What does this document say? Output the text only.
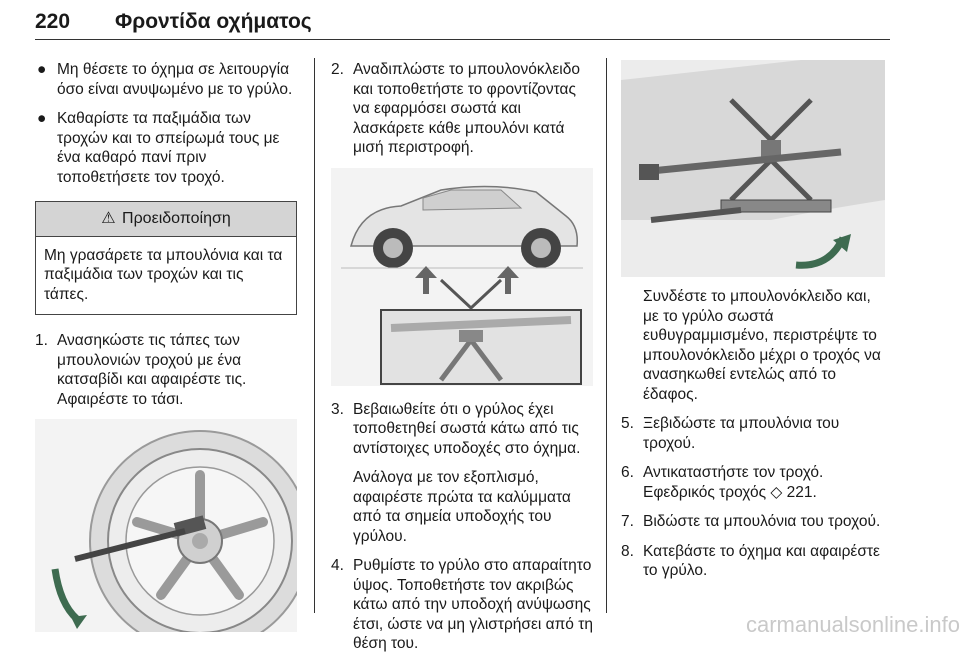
220 Φροντίδα οχήματος
● Μη θέσετε το όχημα σε λειτουργία όσο είναι ανυψωμένο με το γρύλο.

● Καθαρίστε τα παξιμάδια των τροχών και το σπείρωμά τους με ένα καθαρό πανί πριν τοποθετήσετε τον τροχό.

⚠ Προειδοποίηση
Μη γρασάρετε τα μπουλόνια και τα παξιμάδια των τροχών και τις τάπες.
1. Ανασηκώστε τις τάπες των μπουλονιών τροχού με ένα κατσαβίδι και αφαιρέστε τις. Αφαιρέστε το τάσι.

2. Αναδιπλώστε το μπουλονόκλειδο και τοποθετήστε το φροντίζοντας να εφαρμόσει σωστά και λασκάρετε κάθε μπουλόνι κατά μισή περιστροφή.

3. Βεβαιωθείτε ότι ο γρύλος έχει τοποθετηθεί σωστά κάτω από τις αντίστοιχες υποδοχές στο όχημα.

Ανάλογα με τον εξοπλισμό, αφαιρέστε πρώτα τα καλύμματα από τα σημεία υποδοχής του γρύλου.

4. Ρυθμίστε το γρύλο στο απαραίτητο ύψος. Τοποθετήστε τον ακριβώς κάτω από την υποδοχή ανύψωσης έτσι, ώστε να μη γλιστρήσει από τη θέση του.

Συνδέστε το μπουλονόκλειδο και, με το γρύλο σωστά ευθυγραμμισμένο, περιστρέψτε το μπουλονόκλειδο μέχρι ο τροχός να ανασηκωθεί εντελώς από το έδαφος.

5. Ξεβιδώστε τα μπουλόνια του τροχού.

6. Αντικαταστήστε τον τροχό. Εφεδρικός τροχός ◇ 221.

7. Βιδώστε τα μπουλόνια του τροχού.

8. Κατεβάστε το όχημα και αφαιρέστε το γρύλο.

carmanualsonline.info
